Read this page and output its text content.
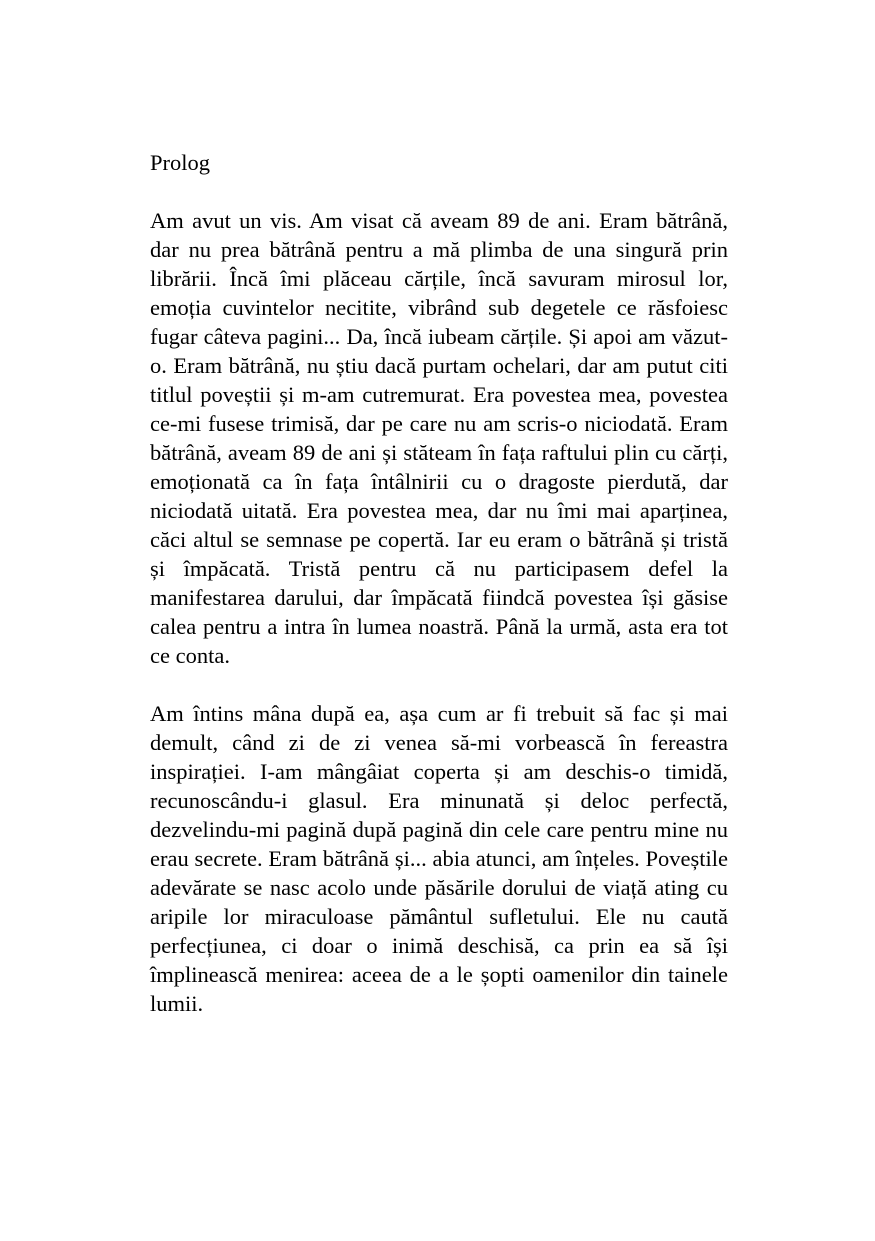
Prolog

Am avut un vis. Am visat că aveam 89 de ani. Eram bătrână, dar nu prea bătrână pentru a mă plimba de una singură prin librării. Încă îmi plăceau cărțile, încă savuram mirosul lor, emoția cuvintelor necitite, vibrând sub degetele ce răsfoiesc fugar câteva pagini... Da, încă iubeam cărțile. Și apoi am văzut-o. Eram bătrână, nu știu dacă purtam ochelari, dar am putut citi titlul poveștii și m-am cutremurat. Era povestea mea, povestea ce-mi fusese trimisă, dar pe care nu am scris-o niciodată. Eram bătrână, aveam 89 de ani și stăteam în fața raftului plin cu cărți, emoționată ca în fața întâlnirii cu o dragoste pierdută, dar niciodată uitată. Era povestea mea, dar nu îmi mai aparținea, căci altul se semnase pe copertă. Iar eu eram o bătrână și tristă și împăcată. Tristă pentru că nu participasem defel la manifestarea darului, dar împăcată fiindcă povestea își găsise calea pentru a intra în lumea noastră. Până la urmă, asta era tot ce conta.

Am întins mâna după ea, așa cum ar fi trebuit să fac și mai demult, când zi de zi venea să-mi vorbească în fereastra inspirației. I-am mângâiat coperta și am deschis-o timidă, recunoscându-i glasul. Era minunată și deloc perfectă, dezvelindu-mi pagină după pagină din cele care pentru mine nu erau secrete. Eram bătrână și... abia atunci, am înțeles. Poveștile adevărate se nasc acolo unde păsările dorului de viață ating cu aripile lor miraculoase pământul sufletului. Ele nu caută perfecțiunea, ci doar o inimă deschisă, ca prin ea să își împlinească menirea: aceea de a le șopti oamenilor din tainele lumii.
